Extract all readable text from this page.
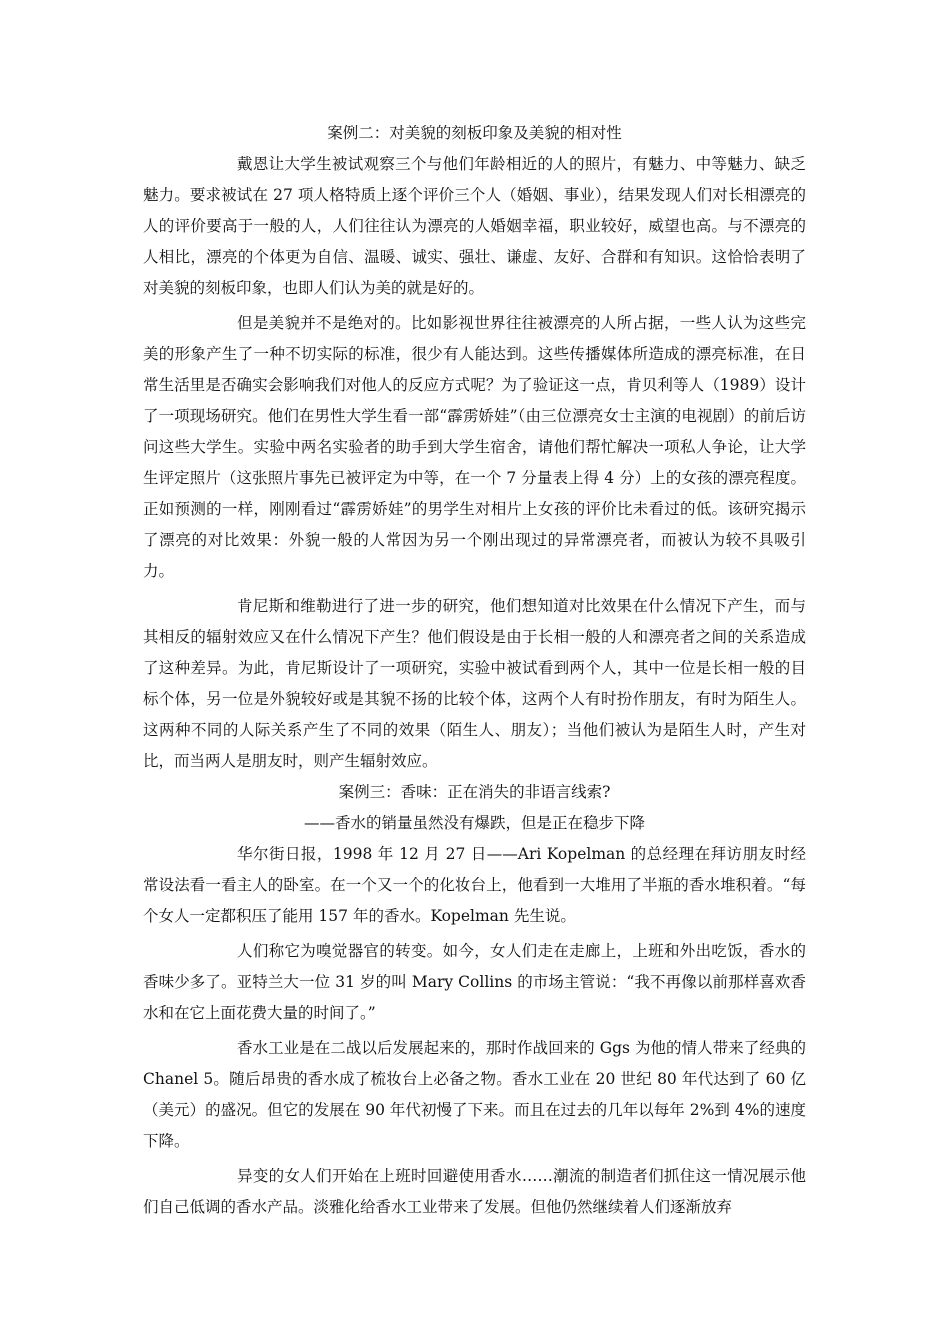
案例二：对美貌的刻板印象及美貌的相对性

戴恩让大学生被试观察三个与他们年龄相近的人的照片，有魅力、中等魅力、缺乏魅力。要求被试在 27 项人格特质上逐个评价三个人（婚姻、事业），结果发现人们对长相漂亮的人的评价要高于一般的人，人们往往认为漂亮的人婚姻幸福，职业较好，威望也高。与不漂亮的人相比，漂亮的个体更为自信、温暖、诚实、强壮、谦虚、友好、合群和有知识。这恰恰表明了对美貌的刻板印象，也即人们认为美的就是好的。

但是美貌并不是绝对的。比如影视世界往往被漂亮的人所占据，一些人认为这些完美的形象产生了一种不切实际的标准，很少有人能达到。这些传播媒体所造成的漂亮标准，在日常生活里是否确实会影响我们对他人的反应方式呢？为了验证这一点，肯贝利等人（1989）设计了一项现场研究。他们在男性大学生看一部“霹雳娇娃”（由三位漂亮女士主演的电视剧）的前后访问这些大学生。实验中两名实验者的助手到大学生宿舍，请他们帮忙解决一项私人争论，让大学生评定照片（这张照片事先已被评定为中等，在一个 7 分量表上得 4 分）上的女孩的漂亮程度。正如预测的一样，刚刚看过“霹雳娇娃”的男学生对相片上女孩的评价比未看过的低。该研究揭示了漂亮的对比效果：外貌一般的人常因为另一个刚出现过的异常漂亮者，而被认为较不具吸引力。

肯尼斯和维勒进行了进一步的研究，他们想知道对比效果在什么情况下产生，而与其相反的辐射效应又在什么情况下产生？他们假设是由于长相一般的人和漂亮者之间的关系造成了这种差异。为此，肯尼斯设计了一项研究，实验中被试看到两个人，其中一位是长相一般的目标个体，另一位是外貌较好或是其貌不扬的比较个体，这两个人有时扮作朋友，有时为陌生人。这两种不同的人际关系产生了不同的效果（陌生人、朋友）；当他们被认为是陌生人时，产生对比，而当两人是朋友时，则产生辐射效应。

案例三：香味：正在消失的非语言线索?

——香水的销量虽然没有爆跌，但是正在稳步下降

华尔街日报，1998 年 12 月 27 日——Ari Kopelman 的总经理在拜访朋友时经常设法看一看主人的卧室。在一个又一个的化妆台上，他看到一大堆用了半瓶的香水堆积着。“每个女人一定都积压了能用 157 年的香水。Kopelman 先生说。

人们称它为嗅觉器官的转变。如今，女人们走在走廊上，上班和外出吃饭，香水的香味少多了。亚特兰大一位 31 岁的叫 Mary Collins 的市场主管说：“我不再像以前那样喜欢香水和在它上面花费大量的时间了。”

香水工业是在二战以后发展起来的，那时作战回来的 Ggs 为他的情人带来了经典的 Chanel 5。随后昂贵的香水成了梳妆台上必备之物。香水工业在 20 世纪 80 年代达到了 60 亿（美元）的盛况。但它的发展在 90 年代初慢了下来。而且在过去的几年以每年 2%到 4%的速度下降。

异变的女人们开始在上班时回避使用香水……潮流的制造者们抓住这一情况展示他们自己低调的香水产品。淡雅化给香水工业带来了发展。但他仍然继续着人们逐渐放弃
